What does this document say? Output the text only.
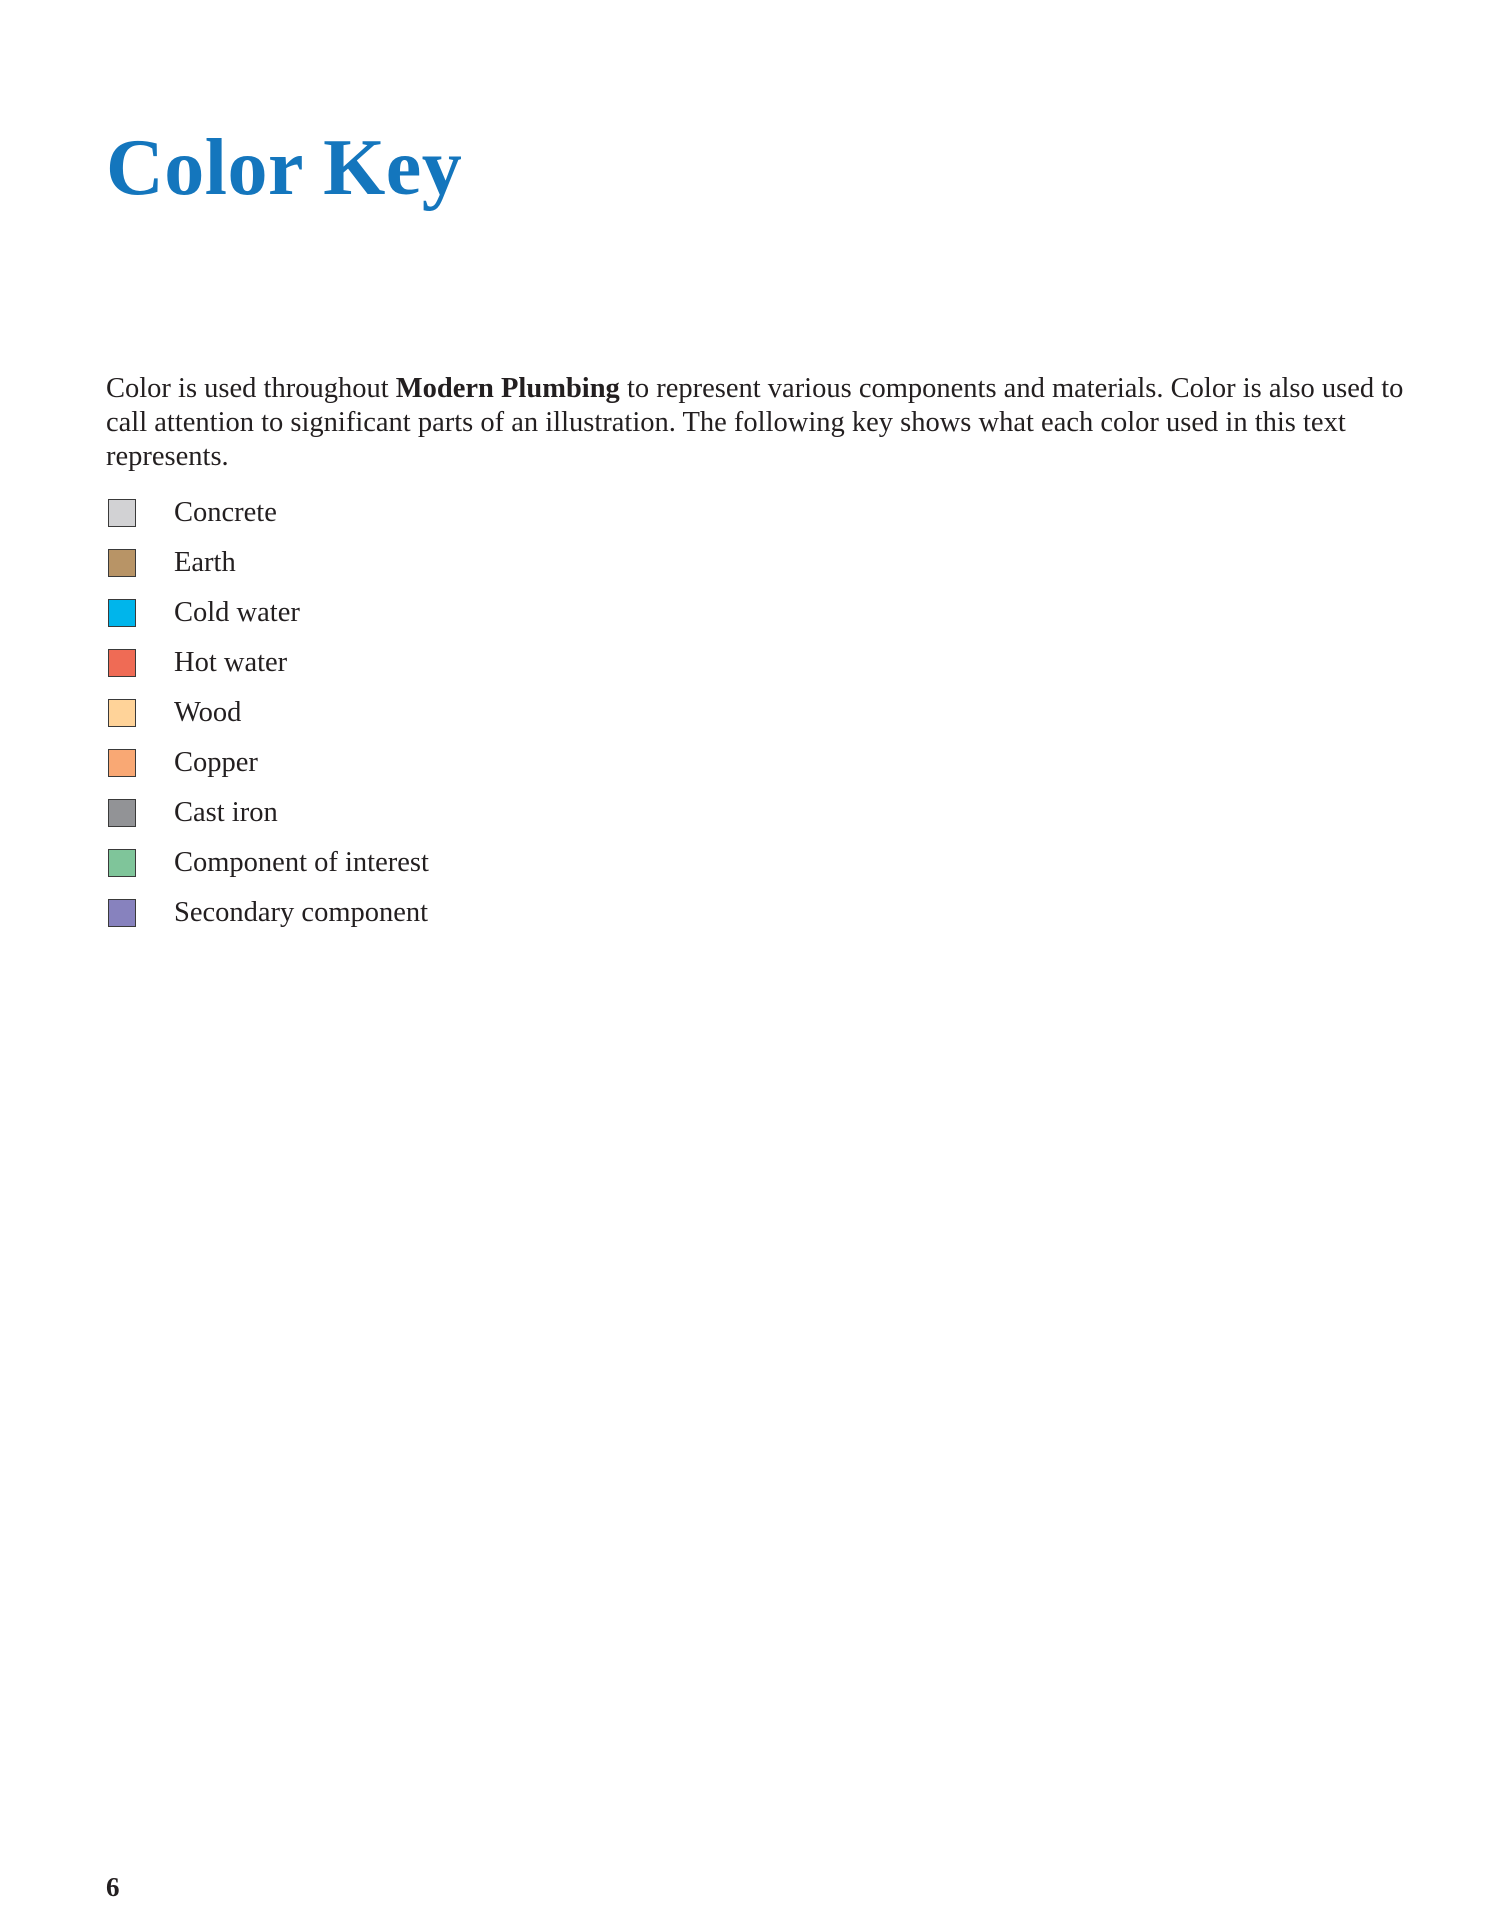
Color Key

Color is used throughout Modern Plumbing to represent various components and materials. Color is also used to call attention to significant parts of an illustration. The following key shows what each color used in this text represents.

Concrete
Earth
Cold water
Hot water
Wood
Copper
Cast iron
Component of interest
Secondary component
6
